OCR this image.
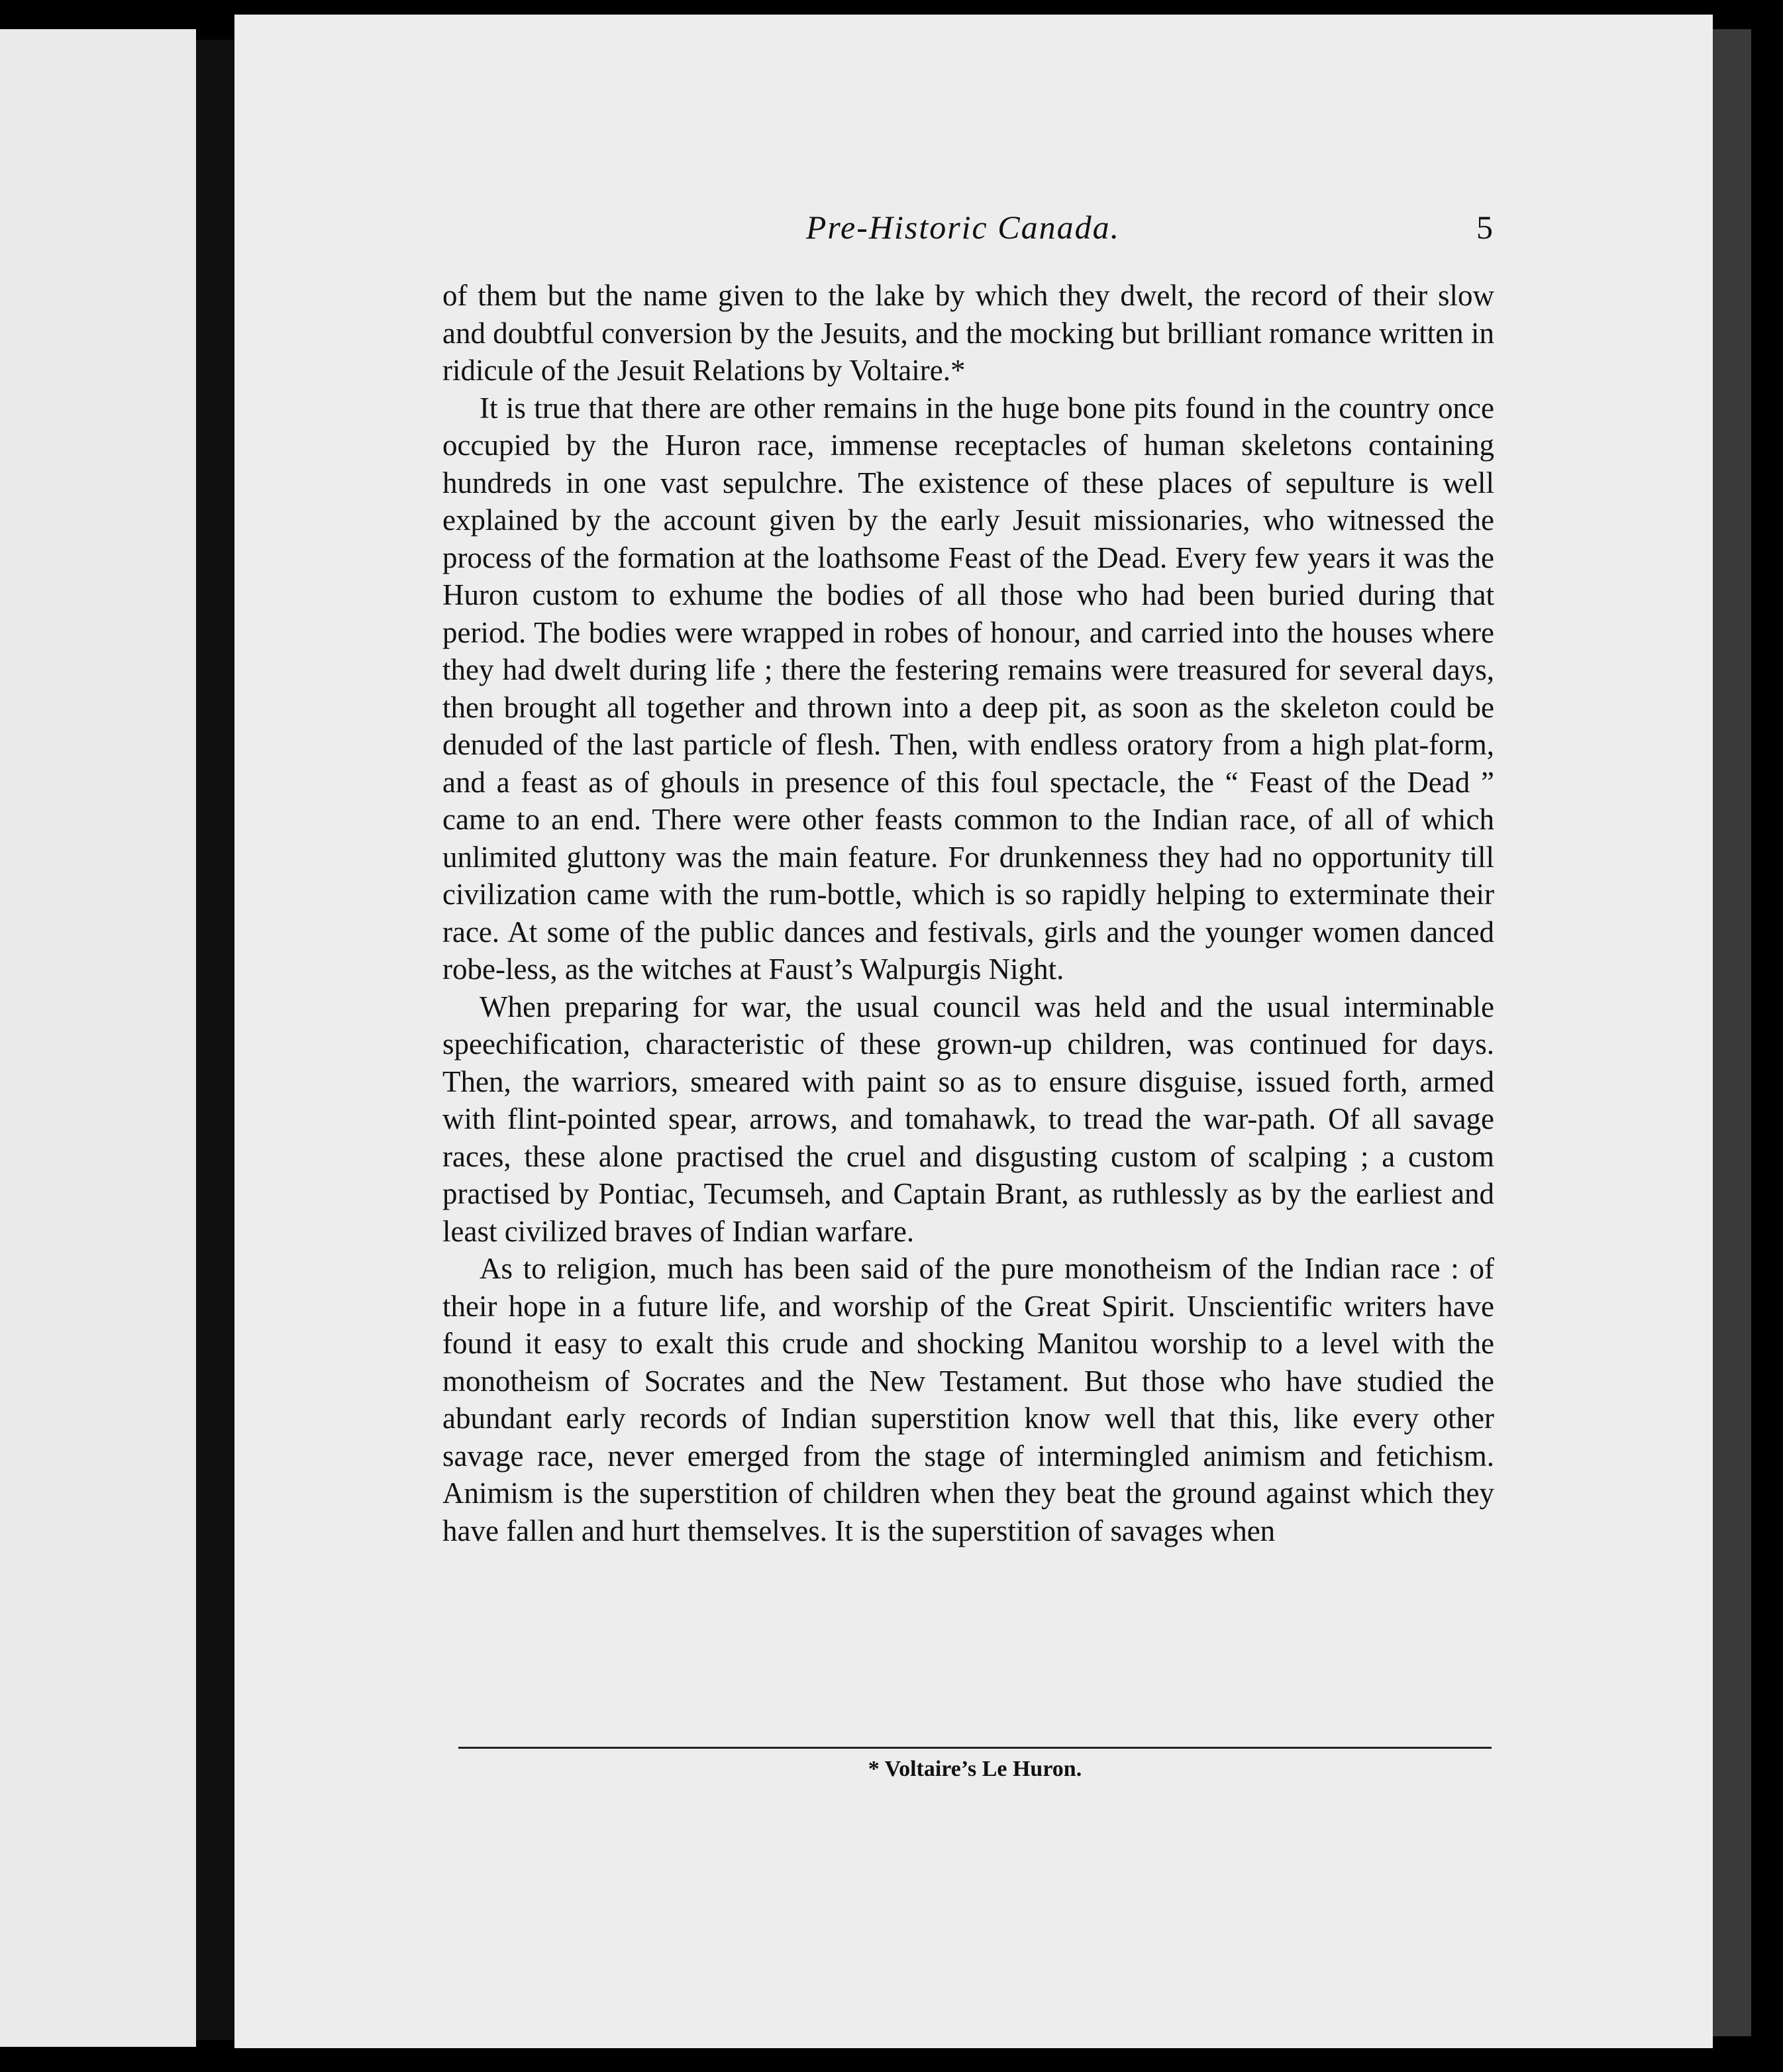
Pre-Historic Canada.	5

of them but the name given to the lake by which they dwelt, the record of their slow and doubtful conversion by the Jesuits, and the mocking but brilliant romance written in ridicule of the Jesuit Relations by Voltaire.*

It is true that there are other remains in the huge bone pits found in the country once occupied by the Huron race, immense receptacles of human skeletons containing hundreds in one vast sepulchre. The existence of these places of sepulture is well explained by the account given by the early Jesuit missionaries, who witnessed the process of the formation at the loathsome Feast of the Dead. Every few years it was the Huron custom to exhume the bodies of all those who had been buried during that period. The bodies were wrapped in robes of honour, and carried into the houses where they had dwelt during life ; there the festering remains were treasured for several days, then brought all together and thrown into a deep pit, as soon as the skeleton could be denuded of the last particle of flesh. Then, with endless oratory from a high plat-form, and a feast as of ghouls in presence of this foul spectacle, the “ Feast of the Dead ” came to an end. There were other feasts common to the Indian race, of all of which unlimited gluttony was the main feature. For drunkenness they had no opportunity till civilization came with the rum-bottle, which is so rapidly helping to exterminate their race. At some of the public dances and festivals, girls and the younger women danced robe-less, as the witches at Faust’s Walpurgis Night.

When preparing for war, the usual council was held and the usual interminable speechification, characteristic of these grown-up children, was continued for days. Then, the warriors, smeared with paint so as to ensure disguise, issued forth, armed with flint-pointed spear, arrows, and tomahawk, to tread the war-path. Of all savage races, these alone practised the cruel and disgusting custom of scalping ; a custom practised by Pontiac, Tecumseh, and Captain Brant, as ruthlessly as by the earliest and least civilized braves of Indian warfare.

As to religion, much has been said of the pure monotheism of the Indian race : of their hope in a future life, and worship of the Great Spirit. Unscientific writers have found it easy to exalt this crude and shocking Manitou worship to a level with the monotheism of Socrates and the New Testament. But those who have studied the abundant early records of Indian superstition know well that this, like every other savage race, never emerged from the stage of intermingled animism and fetichism. Animism is the superstition of children when they beat the ground against which they have fallen and hurt themselves. It is the superstition of savages when

* Voltaire’s Le Huron.
